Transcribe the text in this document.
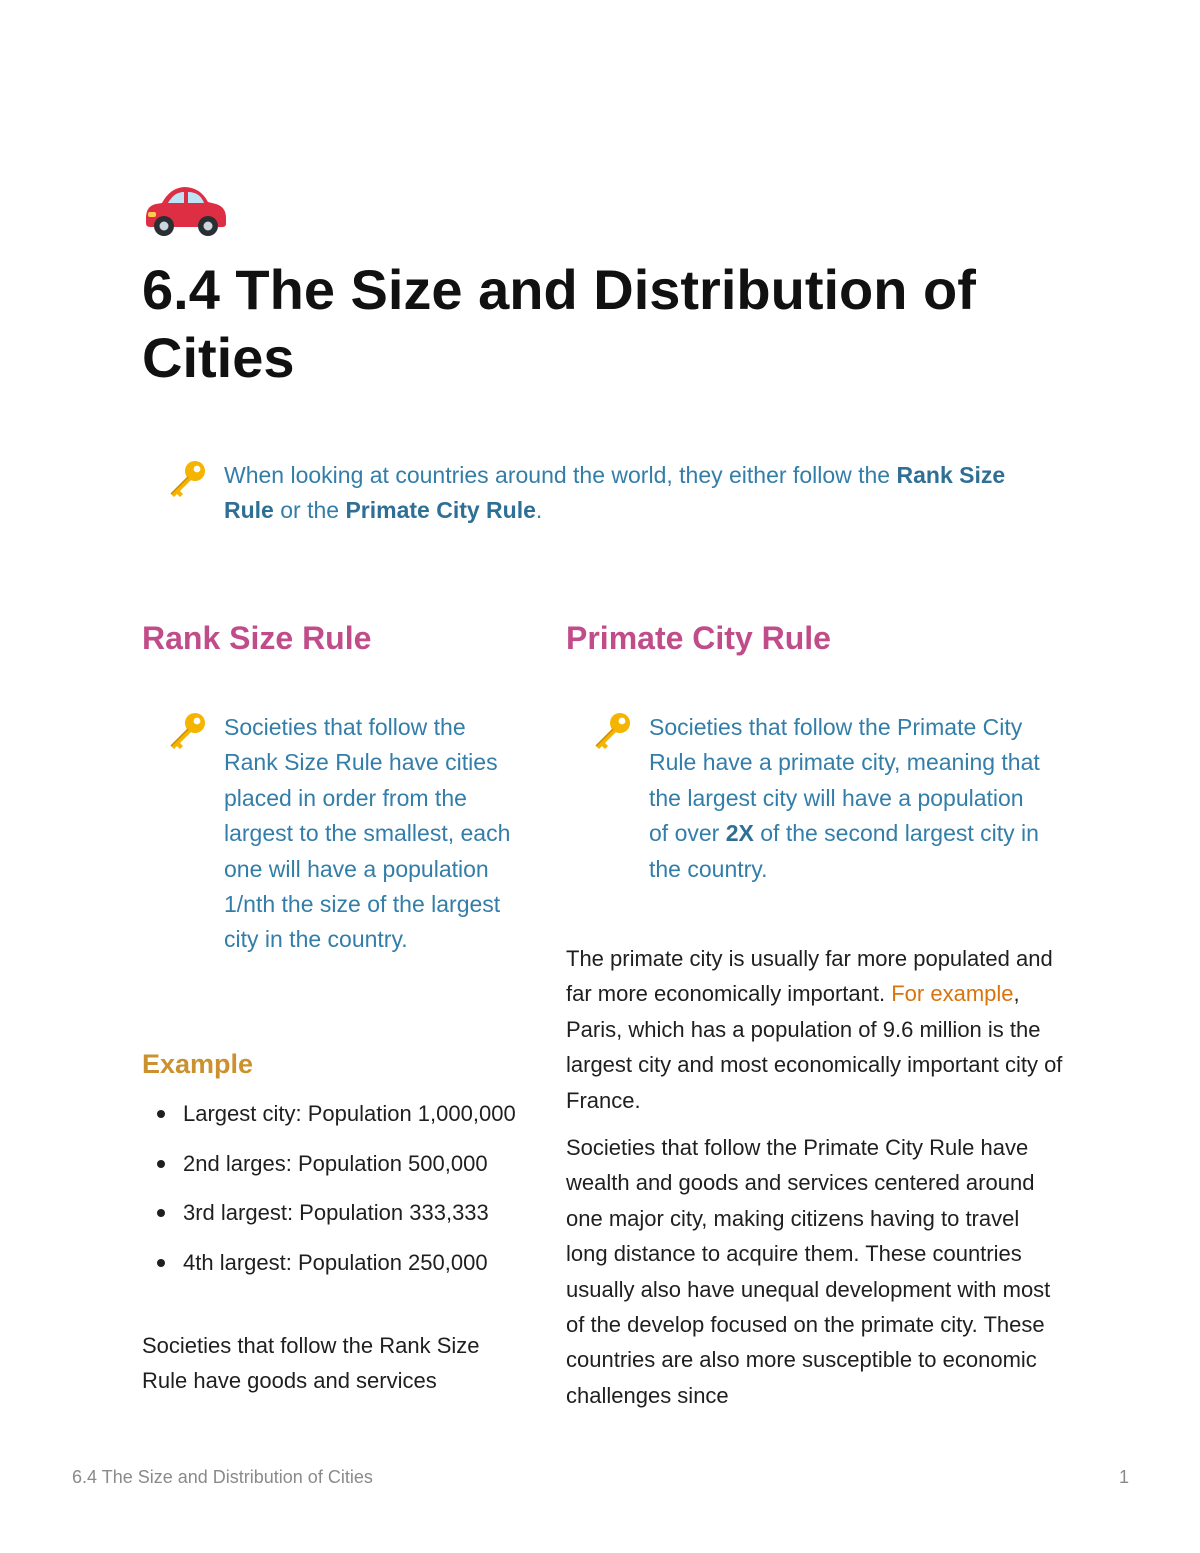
6.4 The Size and Distribution of Cities
When looking at countries around the world, they either follow the Rank Size Rule or the Primate City Rule.
Rank Size Rule
Societies that follow the Rank Size Rule have cities placed in order from the largest to the smallest, each one will have a population 1/nth the size of the largest city in the country.
Example
Largest city: Population 1,000,000
2nd larges: Population 500,000
3rd largest: Population 333,333
4th largest: Population 250,000

Societies that follow the Rank Size Rule have goods and services

Primate City Rule
Societies that follow the Primate City Rule have a primate city, meaning that the largest city will have a population of over 2X of the second largest city in the country.

The primate city is usually far more populated and far more economically important. For example, Paris, which has a population of 9.6 million is the largest city and most economically important city of France.

Societies that follow the Primate City Rule have wealth and goods and services centered around one major city, making citizens having to travel long distance to acquire them. These countries usually also have unequal development with most of the develop focused on the primate city. These countries are also more susceptible to economic challenges since

6.4 The Size and Distribution of Cities	1
